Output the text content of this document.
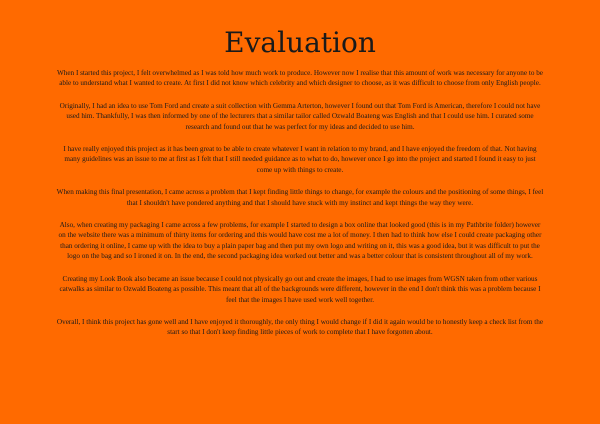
Evaluation

When I started this project, I felt overwhelmed as I was told how much work to produce. However now I realise that this amount of work was necessary for anyone to be able to understand what I wanted to create. At first I did not know which celebrity and which designer to choose, as it was difficult to choose from only English people.

Originally, I had an idea to use Tom Ford and create a suit collection with Gemma Arterton, however I found out that Tom Ford is American, therefore I could not have used him. Thankfully, I was then informed by one of the lecturers that a similar tailor called Ozwald Boateng was English and that I could use him. I curated some research and found out that he was perfect for my ideas and decided to use him.

I have really enjoyed this project as it has been great to be able to create whatever I want in relation to my brand, and I have enjoyed the freedom of that. Not having many guidelines was an issue to me at first as I felt that I still needed guidance as to what to do, however once I go into the project and started I found it easy to just come up with things to create.

When making this final presentation, I came across a problem that I kept finding little things to change, for example the colours and the positioning of some things, I feel that I shouldn't have pondered anything and that I should have stuck with my instinct and kept things the way they were.

Also, when creating my packaging I came across a few problems, for example I started to design a box online that looked good (this is in my Pathbrite folder) however on the website there was a minimum of thirty items for ordering and this would have cost me a lot of money. I then had to think how else I could create packaging other than ordering it online, I came up with the idea to buy a plain paper bag and then put my own logo and writing on it, this was a good idea, but it was difficult to put the logo on the bag and so I ironed it on. In the end, the second packaging idea worked out better and was a better colour that is consistent throughout all of my work.

Creating my Look Book also became an issue because I could not physically go out and create the images, I had to use images from WGSN taken from other various catwalks as similar to Ozwald Boateng as possible. This meant that all of the backgrounds were different, however in the end I don't think this was a problem because I feel that the images I have used work well together.

Overall, I think this project has gone well and I have enjoyed it thoroughly, the only thing I would change if I did it again would be to honestly keep a check list from the start so that I don't keep finding little pieces of work to complete that I have forgotten about.
